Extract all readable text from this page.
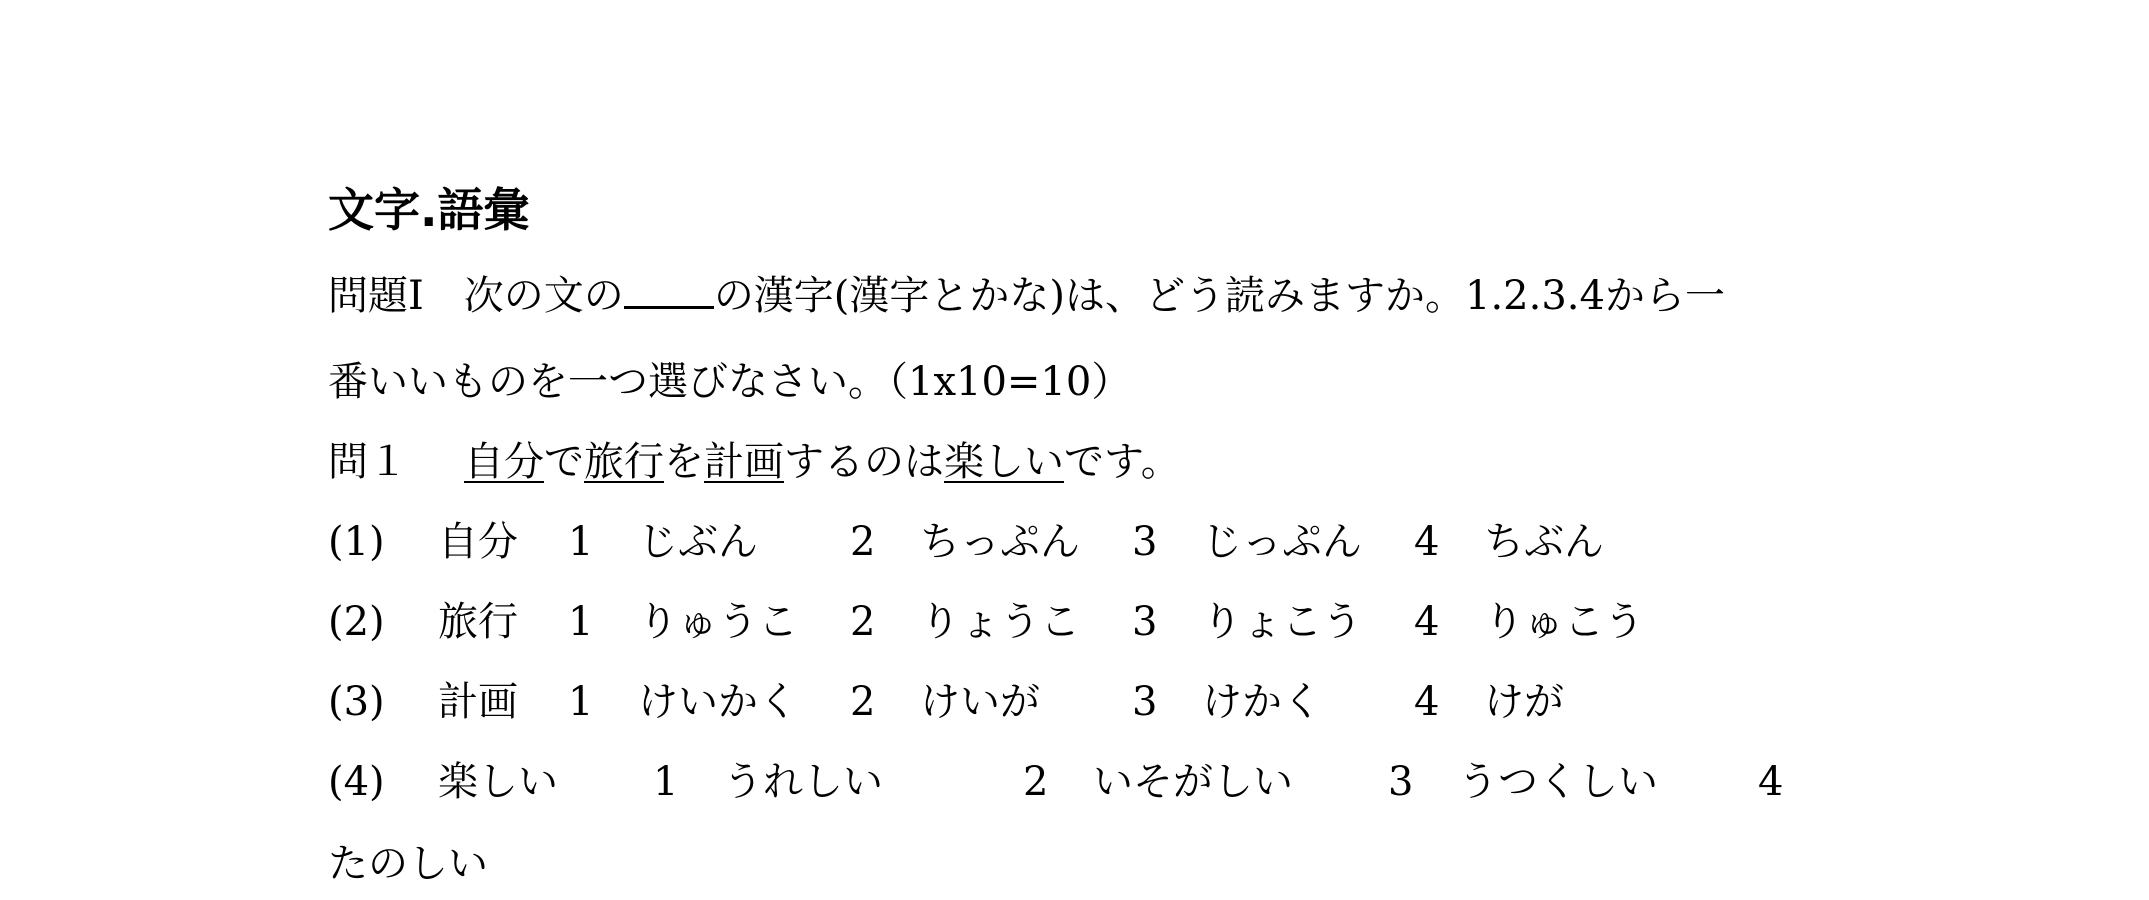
文字.語彙
問題Ⅰ　次の文の の漢字(漢字とかな)は、どう読みますか。1.2.3.4から一
番いいものを一つ選びなさい。（1x10=10）
問１ 自分で旅行を計画するのは楽しいです。
(1) 自分 1 じぶん 2 ちっぷん 3 じっぷん 4 ちぶん
(2) 旅行 1 りゅうこ 2 りょうこ 3 りょこう 4 りゅこう
(3) 計画 1 けいかく 2 けいが 3 けかく 4 けが
(4) 楽しい 1 うれしい	2 いそがしい 3 うつくしい	4
たのしい
